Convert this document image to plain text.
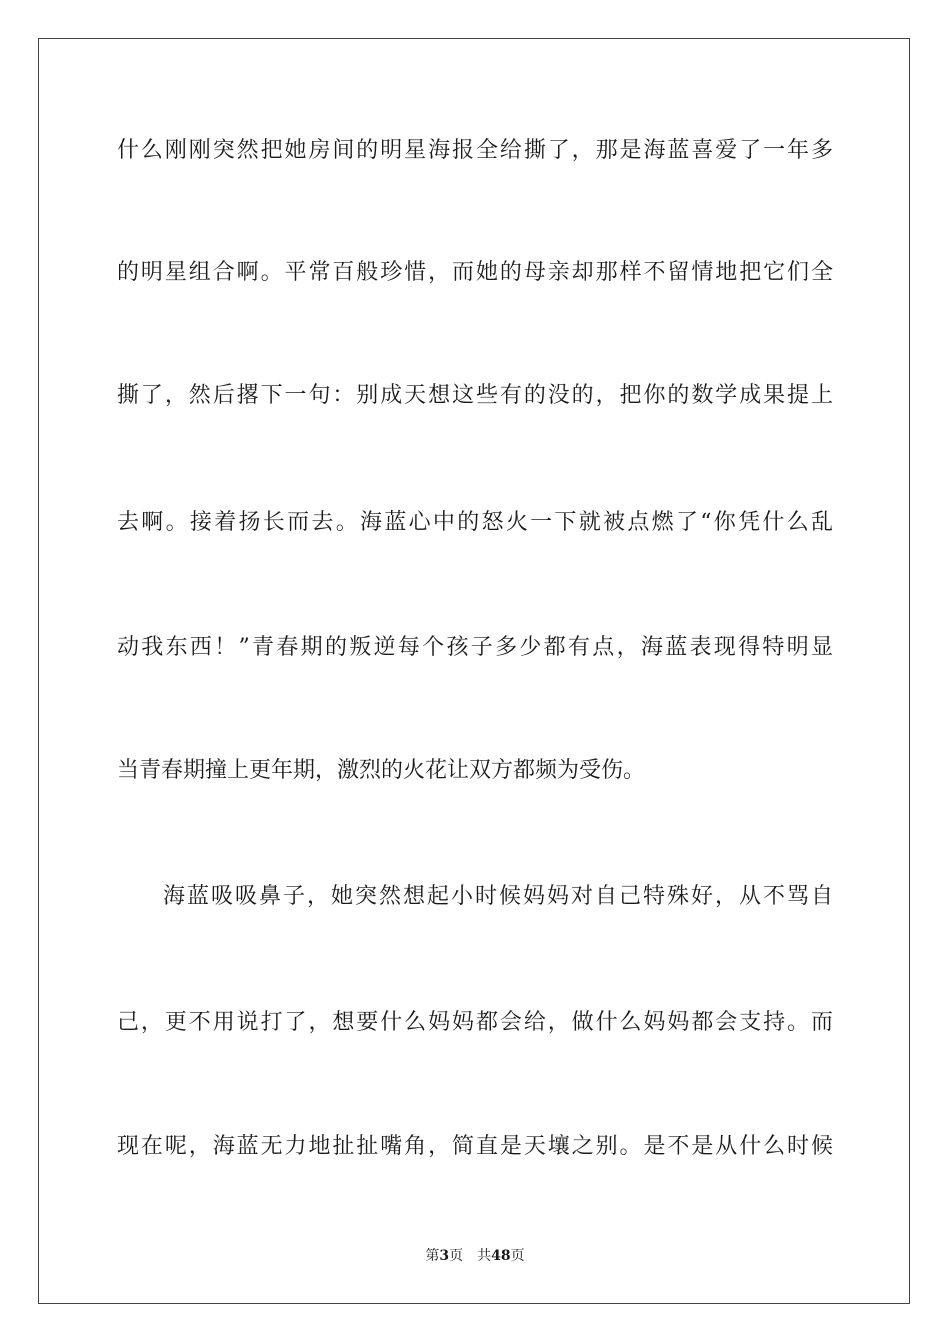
什么刚刚突然把她房间的明星海报全给撕了，那是海蓝喜爱了一年多
的明星组合啊。平常百般珍惜，而她的母亲却那样不留情地把它们全
撕了，然后撂下一句：别成天想这些有的没的，把你的数学成果提上
去啊。接着扬长而去。海蓝心中的怒火一下就被点燃了“你凭什么乱
动我东西！”青春期的叛逆每个孩子多少都有点，海蓝表现得特明显
当青春期撞上更年期，激烈的火花让双方都频为受伤。
海蓝吸吸鼻子，她突然想起小时候妈妈对自己特殊好，从不骂自
己，更不用说打了，想要什么妈妈都会给，做什么妈妈都会支持。而
现在呢，海蓝无力地扯扯嘴角，简直是天壤之别。是不是从什么时候
第3页 共48页
